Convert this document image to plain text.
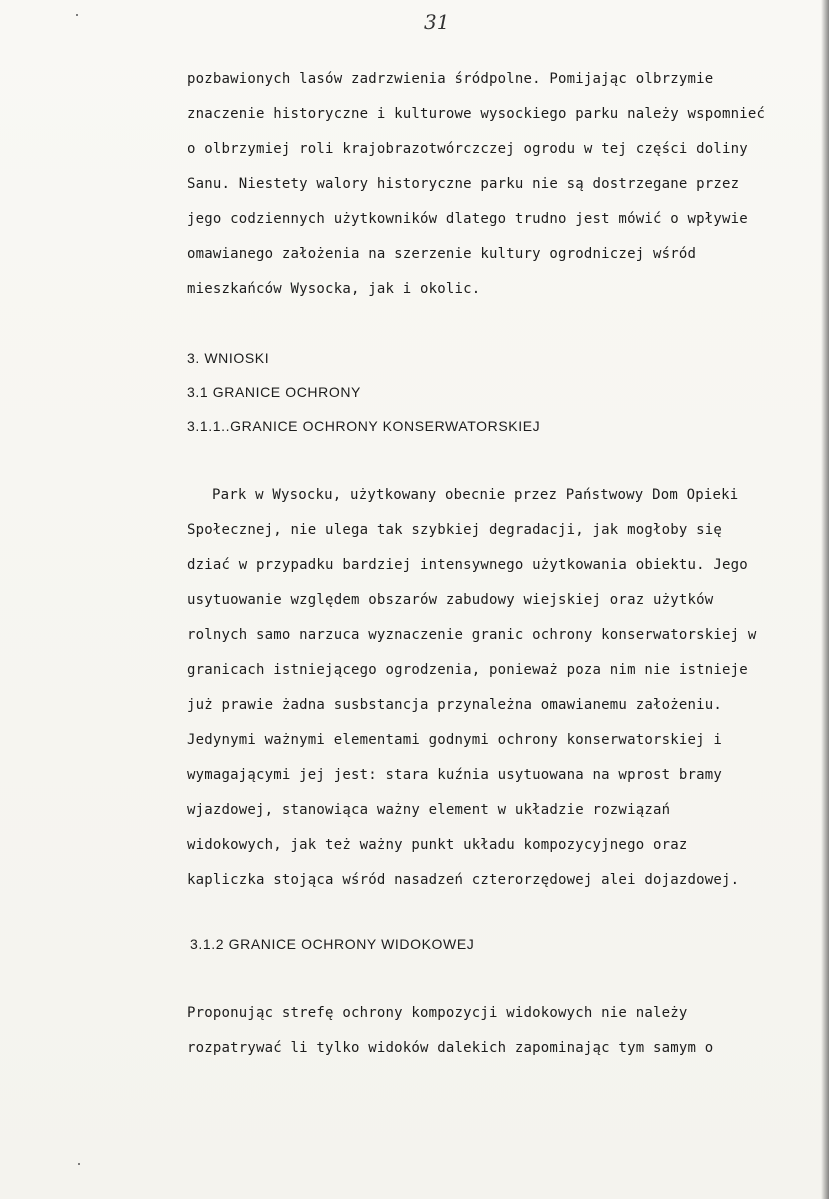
31
pozbawionych lasów zadrzwienia śródpolne. Pomijając olbrzymie
znaczenie historyczne i kulturowe wysockiego parku należy wspomnieć
o olbrzymiej roli krajobrazotwórczczej ogrodu w tej części doliny
Sanu. Niestety walory historyczne parku nie są dostrzegane przez
jego codziennych użytkowników dlatego trudno jest mówić o wpływie
omawianego założenia na szerzenie kultury ogrodniczej wśród
mieszkańców Wysocka, jak i okolic.
3. WNIOSKI
3.1 GRANICE OCHRONY
3.1.1..GRANICE OCHRONY KONSERWATORSKIEJ
Park w Wysocku, użytkowany obecnie przez Państwowy Dom Opieki
Społecznej, nie ulega tak szybkiej degradacji, jak mogłoby się
dziać w przypadku bardziej intensywnego użytkowania obiektu. Jego
usytuowanie względem obszarów zabudowy wiejskiej oraz użytków
rolnych samo narzuca wyznaczenie granic ochrony konserwatorskiej w
granicach istniejącego ogrodzenia, ponieważ poza nim nie istnieje
już prawie żadna susbstancja przynależna omawianemu założeniu.
Jedynymi ważnymi elementami godnymi ochrony konserwatorskiej i
wymagającymi jej jest: stara kuźnia usytuowana na wprost bramy
wjazdowej, stanowiąca ważny element w układzie rozwiązań
widokowych, jak też ważny punkt układu kompozycyjnego oraz
kapliczka stojąca wśród nasadzeń czterorzędowej alei dojazdowej.
3.1.2 GRANICE OCHRONY WIDOKOWEJ
Proponując strefę ochrony kompozycji widokowych nie należy
rozpatrywać li tylko widoków dalekich zapominając tym samym o
